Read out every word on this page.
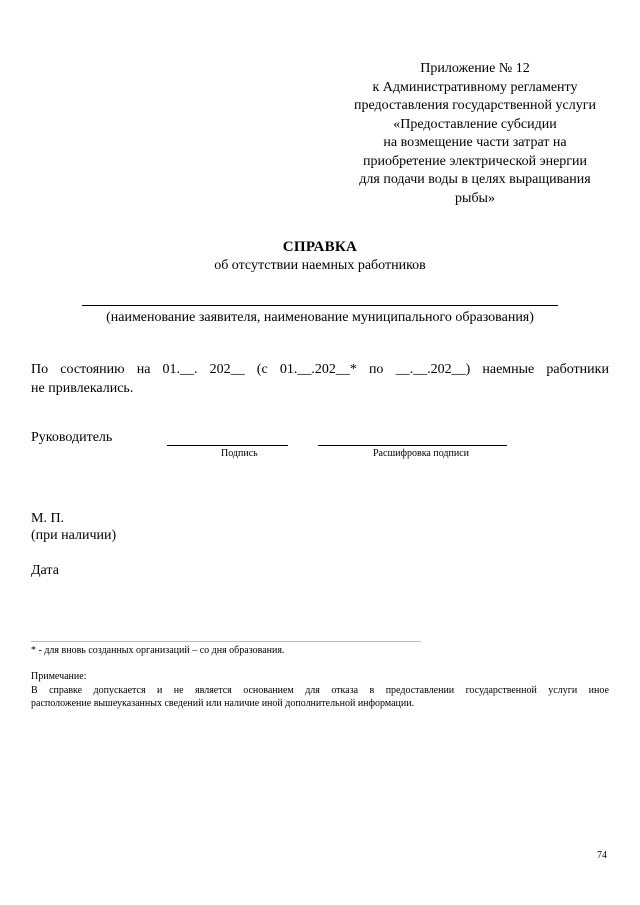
Приложение № 12
к Административному регламенту
предоставления государственной услуги
«Предоставление субсидии
на возмещение части затрат на
приобретение электрической энергии
для подачи воды в целях выращивания
рыбы»
СПРАВКА
об отсутствии наемных работников
(наименование заявителя, наименование муниципального образования)
По состоянию на 01.__. 202__ (с 01.__.202__* по __.__.202__) наемные работники
не привлекались.
Руководитель
Подпись	Расшифровка подписи
М. П.
(при наличии)
Дата
* - для вновь созданных организаций – со дня образования.
Примечание:
В справке допускается и не является основанием для отказа в предоставлении государственной услуги иное
расположение вышеуказанных сведений или наличие иной дополнительной информации.
74
